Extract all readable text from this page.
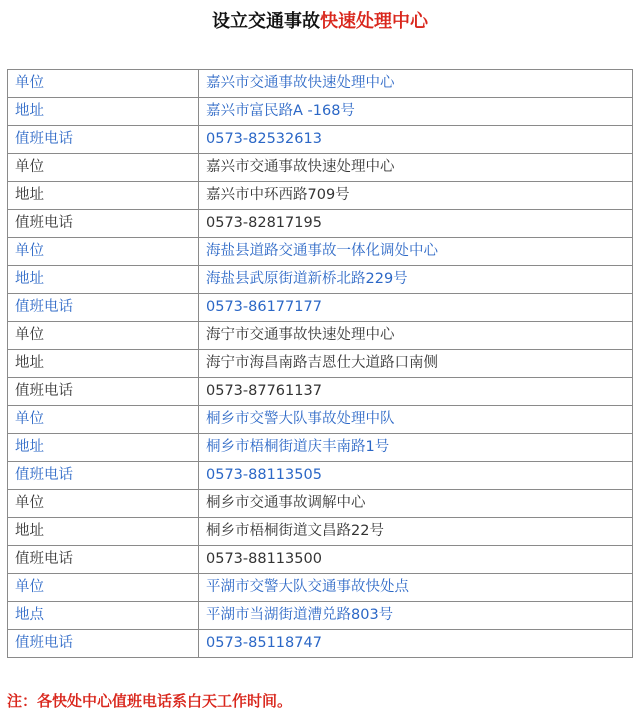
设立交通事故快速处理中心
单位	嘉兴市交通事故快速处理中心
地址	嘉兴市富民路A -168号
值班电话	0573-82532613
单位	嘉兴市交通事故快速处理中心
地址	嘉兴市中环西路709号
值班电话	0573-82817195
单位	海盐县道路交通事故一体化调处中心
地址	海盐县武原街道新桥北路229号
值班电话	0573-86177177
单位	海宁市交通事故快速处理中心
地址	海宁市海昌南路吉恩仕大道路口南侧
值班电话	0573-87761137
单位	桐乡市交警大队事故处理中队
地址	桐乡市梧桐街道庆丰南路1号
值班电话	0573-88113505
单位	桐乡市交通事故调解中心
地址	桐乡市梧桐街道文昌路22号
值班电话	0573-88113500
单位	平湖市交警大队交通事故快处点
地点	平湖市当湖街道漕兑路803号
值班电话	0573-85118747
注：各快处中心值班电话系白天工作时间。
